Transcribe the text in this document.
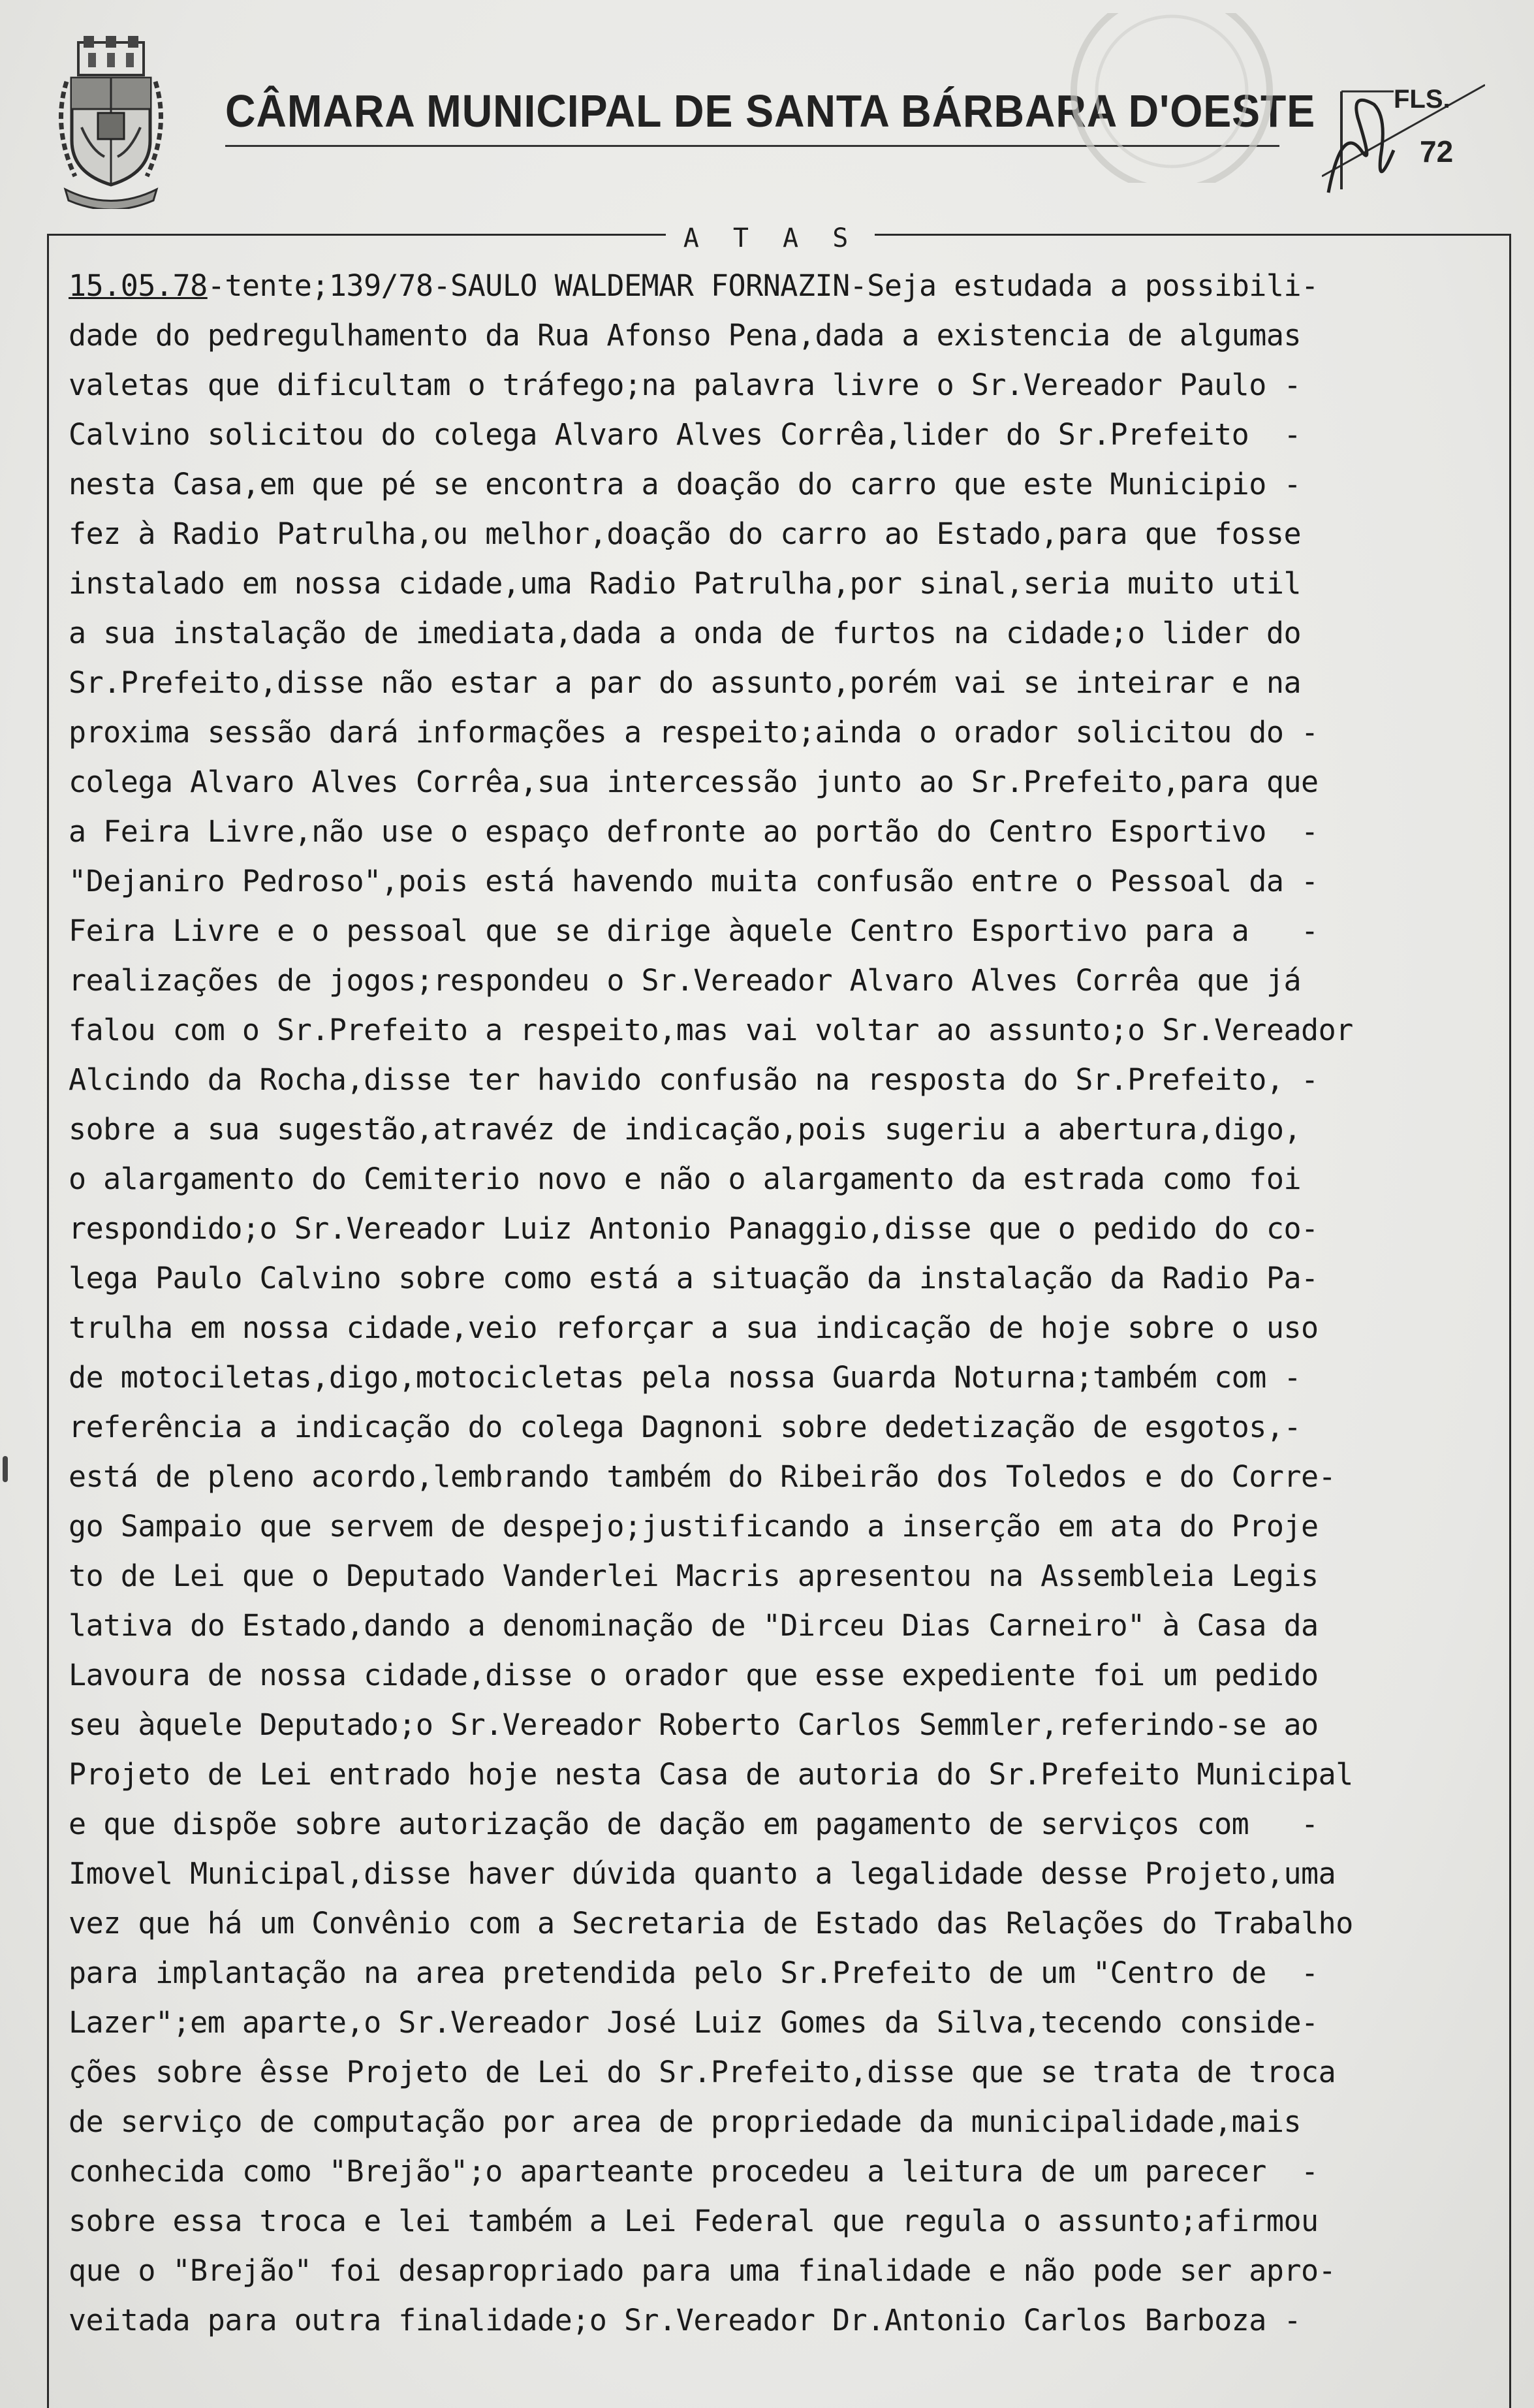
CÂMARA MUNICIPAL DE SANTA BÁRBARA D'OESTE	FLS.
72
A T A S
15.05.78-tente;139/78-SAULO WALDEMAR FORNAZIN-Seja estudada a possibili-
dade do pedregulhamento da Rua Afonso Pena,dada a existencia de algumas
valetas que dificultam o tráfego;na palavra livre o Sr.Vereador Paulo -
Calvino solicitou do colega Alvaro Alves Corrêa,lider do Sr.Prefeito  -
nesta Casa,em que pé se encontra a doação do carro que este Municipio -
fez à Radio Patrulha,ou melhor,doação do carro ao Estado,para que fosse
instalado em nossa cidade,uma Radio Patrulha,por sinal,seria muito util
a sua instalação de imediata,dada a onda de furtos na cidade;o lider do
Sr.Prefeito,disse não estar a par do assunto,porém vai se inteirar e na
proxima sessão dará informações a respeito;ainda o orador solicitou do -
colega Alvaro Alves Corrêa,sua intercessão junto ao Sr.Prefeito,para que
a Feira Livre,não use o espaço defronte ao portão do Centro Esportivo  -
"Dejaniro Pedroso",pois está havendo muita confusão entre o Pessoal da -
Feira Livre e o pessoal que se dirige àquele Centro Esportivo para a   -
realizações de jogos;respondeu o Sr.Vereador Alvaro Alves Corrêa que já
falou com o Sr.Prefeito a respeito,mas vai voltar ao assunto;o Sr.Vereador
Alcindo da Rocha,disse ter havido confusão na resposta do Sr.Prefeito, -
sobre a sua sugestão,atravéz de indicação,pois sugeriu a abertura,digo,
o alargamento do Cemiterio novo e não o alargamento da estrada como foi
respondido;o Sr.Vereador Luiz Antonio Panaggio,disse que o pedido do co-
lega Paulo Calvino sobre como está a situação da instalação da Radio Pa-
trulha em nossa cidade,veio reforçar a sua indicação de hoje sobre o uso
de motociletas,digo,motocicletas pela nossa Guarda Noturna;também com -
referência a indicação do colega Dagnoni sobre dedetização de esgotos,-
está de pleno acordo,lembrando também do Ribeirão dos Toledos e do Corre-
go Sampaio que servem de despejo;justificando a inserção em ata do Proje
to de Lei que o Deputado Vanderlei Macris apresentou na Assembleia Legis
lativa do Estado,dando a denominação de "Dirceu Dias Carneiro" à Casa da
Lavoura de nossa cidade,disse o orador que esse expediente foi um pedido
seu àquele Deputado;o Sr.Vereador Roberto Carlos Semmler,referindo-se ao
Projeto de Lei entrado hoje nesta Casa de autoria do Sr.Prefeito Municipal
e que dispõe sobre autorização de dação em pagamento de serviços com   -
Imovel Municipal,disse haver dúvida quanto a legalidade desse Projeto,uma
vez que há um Convênio com a Secretaria de Estado das Relações do Trabalho
para implantação na area pretendida pelo Sr.Prefeito de um "Centro de  -
Lazer";em aparte,o Sr.Vereador José Luiz Gomes da Silva,tecendo conside-
ções sobre êsse Projeto de Lei do Sr.Prefeito,disse que se trata de troca
de serviço de computação por area de propriedade da municipalidade,mais
conhecida como "Brejão";o aparteante procedeu a leitura de um parecer  -
sobre essa troca e lei também a Lei Federal que regula o assunto;afirmou
que o "Brejão" foi desapropriado para uma finalidade e não pode ser apro-
veitada para outra finalidade;o Sr.Vereador Dr.Antonio Carlos Barboza -
